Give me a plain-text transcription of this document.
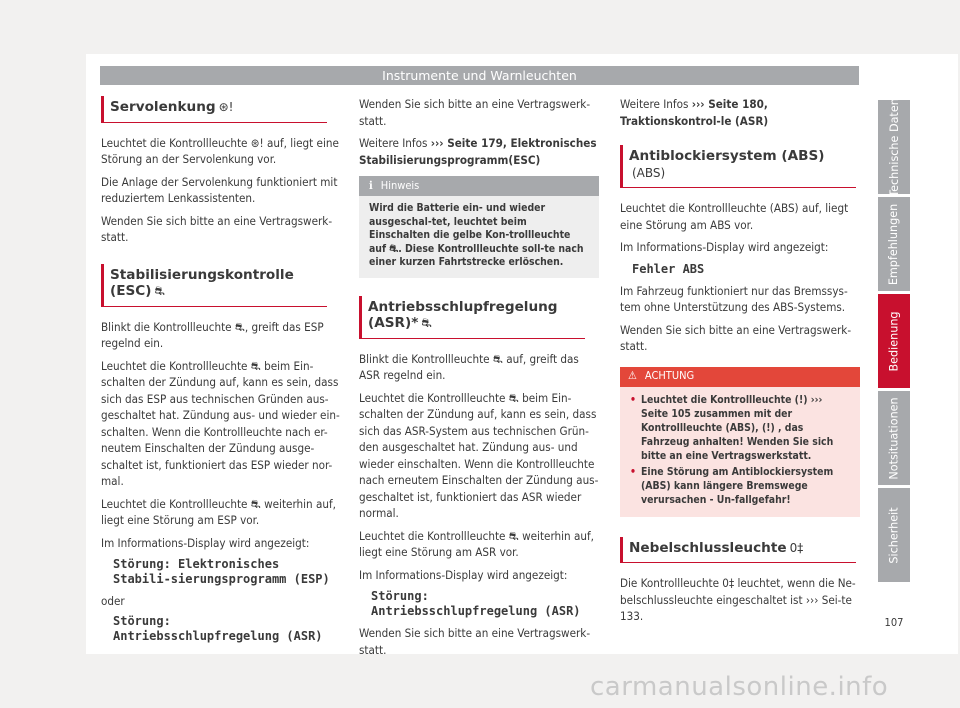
Instrumente und Warnleuchten
Servolenkung ⊛!

Leuchtet die Kontrollleuchte ⊛! auf, liegt eine Störung an der Servolenkung vor.

Die Anlage der Servolenkung funktioniert mit reduziertem Lenkassistenten.

Wenden Sie sich bitte an eine Vertragswerk-statt.

Stabilisierungskontrolle (ESC) ⛐

Blinkt die Kontrollleuchte ⛐, greift das ESP regelnd ein.

Leuchtet die Kontrollleuchte ⛐ beim Ein-schalten der Zündung auf, kann es sein, dass sich das ESP aus technischen Gründen aus-geschaltet hat. Zündung aus- und wieder ein-schalten. Wenn die Kontrollleuchte nach er-neutem Einschalten der Zündung ausge-schaltet ist, funktioniert das ESP wieder nor-mal.

Leuchtet die Kontrollleuchte ⛐ weiterhin auf, liegt eine Störung am ESP vor.

Im Informations-Display wird angezeigt:

Störung: Elektronisches Stabili-sierungsprogramm (ESP)

oder

Störung: Antriebsschlupfregelung (ASR)

Wenden Sie sich bitte an eine Vertragswerk-statt.

Weitere Infos ››› Seite 179, Elektronisches Stabilisierungsprogramm(ESC)

ℹ Hinweis
Wird die Batterie ein- und wieder ausgeschal-tet, leuchtet beim Einschalten die gelbe Kon-trollleuchte auf ⛐. Diese Kontrollleuchte soll-te nach einer kurzen Fahrtstrecke erlöschen.
Antriebsschlupfregelung (ASR)* ⛐

Blinkt die Kontrollleuchte ⛐ auf, greift das ASR regelnd ein.

Leuchtet die Kontrollleuchte ⛐ beim Ein-schalten der Zündung auf, kann es sein, dass sich das ASR-System aus technischen Grün-den ausgeschaltet hat. Zündung aus- und wieder einschalten. Wenn die Kontrollleuchte nach erneutem Einschalten der Zündung aus-geschaltet ist, funktioniert das ASR wieder normal.

Leuchtet die Kontrollleuchte ⛐ weiterhin auf, liegt eine Störung am ASR vor.

Im Informations-Display wird angezeigt:

Störung: Antriebsschlupfregelung (ASR)

Wenden Sie sich bitte an eine Vertragswerk-statt.

Weitere Infos ››› Seite 180, Traktionskontrol-le (ASR)

Antiblockiersystem (ABS)(ABS)

Leuchtet die Kontrollleuchte (ABS) auf, liegt eine Störung am ABS vor.

Im Informations-Display wird angezeigt:

Fehler ABS

Im Fahrzeug funktioniert nur das Bremssys-tem ohne Unterstützung des ABS-Systems.

Wenden Sie sich bitte an eine Vertragswerk-statt.

⚠ ACHTUNG
• Leuchtet die Kontrollleuchte (!) ››› Seite 105 zusammen mit der Kontrollleuchte (ABS), (!) , das Fahrzeug anhalten! Wenden Sie sich bitte an eine Vertragswerkstatt.
• Eine Störung am Antiblockiersystem (ABS) kann längere Bremswege verursachen - Un-fallgefahr!
Nebelschlussleuchte 0‡

Die Kontrollleuchte 0‡ leuchtet, wenn die Ne-belschlussleuchte eingeschaltet ist ››› Sei-te 133.

Technische Daten
Empfehlungen
Bedienung
Notsituationen
Sicherheit
107
carmanualsonline.info
